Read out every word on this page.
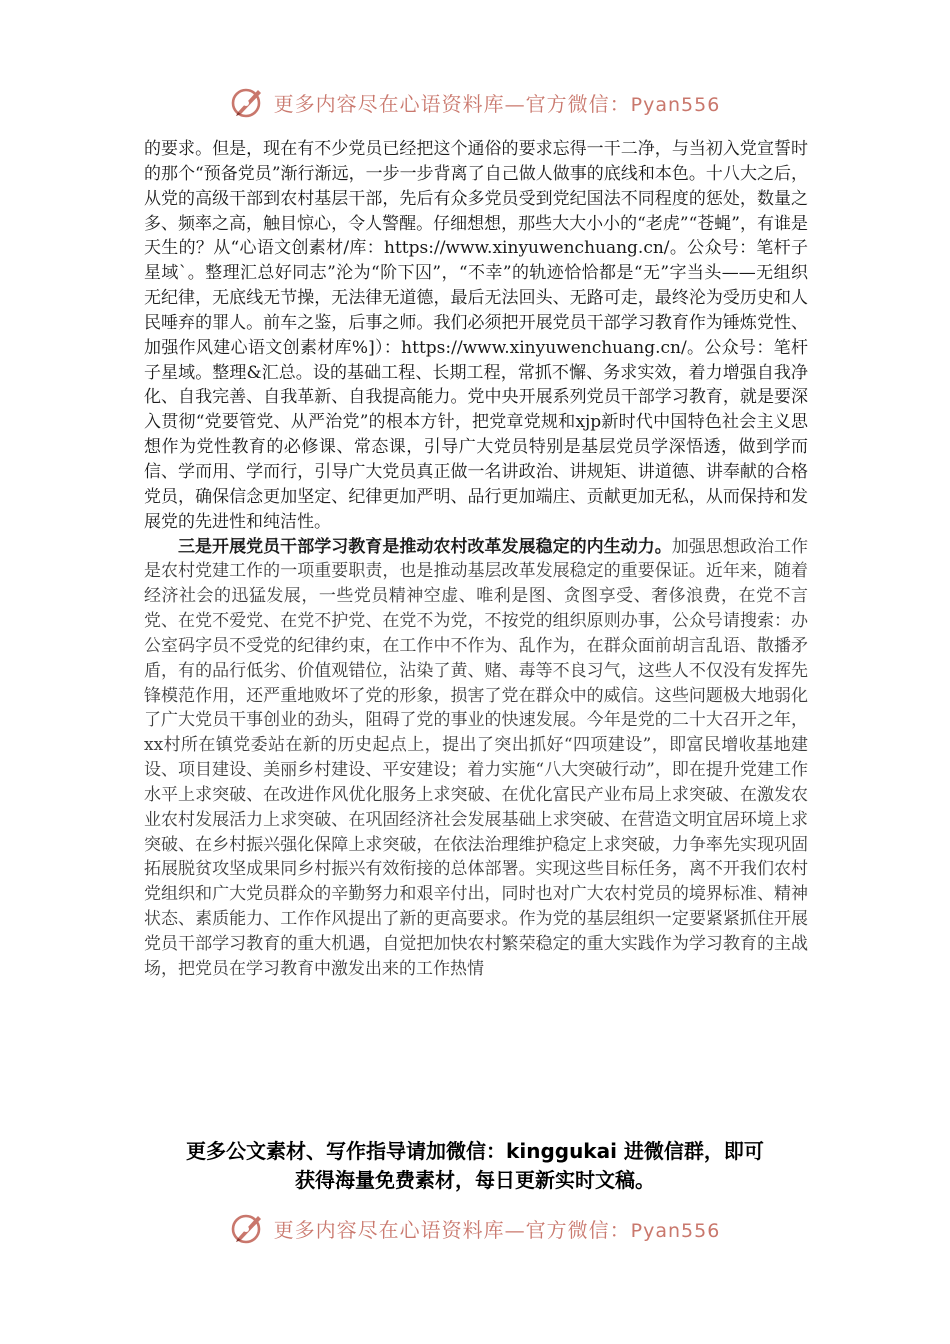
更多内容尽在心语资料库—官方微信：Pyan556

的要求。但是，现在有不少党员已经把这个通俗的要求忘得一干二净，与当初入党宣誓时的那个“预备党员”渐行渐远，一步一步背离了自己做人做事的底线和本色。十八大之后，从党的高级干部到农村基层干部，先后有众多党员受到党纪国法不同程度的惩处，数量之多、频率之高，触目惊心，令人警醒。仔细想想，那些大大小小的“老虎”“苍蝇”，有谁是天生的？从“心语文创素材/库：https://www.xinyuwenchuang.cn/。公众号：笔杆子星域`。整理汇总好同志”沦为“阶下囚”，“不幸”的轨迹恰恰都是“无”字当头——无组织无纪律，无底线无节操，无法律无道德，最后无法回头、无路可走，最终沦为受历史和人民唾弃的罪人。前车之鉴，后事之师。我们必须把开展党员干部学习教育作为锤炼党性、加强作风建心语文创素材库%]）：https://www.xinyuwenchuang.cn/。公众号：笔杆子星域。整理&汇总。设的基础工程、长期工程，常抓不懈、务求实效，着力增强自我净化、自我完善、自我革新、自我提高能力。党中央开展系列党员干部学习教育，就是要深入贯彻“党要管党、从严治党”的根本方针，把党章党规和xjp新时代中国特色社会主义思想作为党性教育的必修课、常态课，引导广大党员特别是基层党员学深悟透，做到学而信、学而用、学而行，引导广大党员真正做一名讲政治、讲规矩、讲道德、讲奉献的合格党员，确保信念更加坚定、纪律更加严明、品行更加端庄、贡献更加无私，从而保持和发展党的先进性和纯洁性。

三是开展党员干部学习教育是推动农村改革发展稳定的内生动力。加强思想政治工作是农村党建工作的一项重要职责，也是推动基层改革发展稳定的重要保证。近年来，随着经济社会的迅猛发展，一些党员精神空虚、唯利是图、贪图享受、奢侈浪费，在党不言党、在党不爱党、在党不护党、在党不为党，不按党的组织原则办事，公众号请搜索：办公室码字员不受党的纪律约束，在工作中不作为、乱作为，在群众面前胡言乱语、散播矛盾，有的品行低劣、价值观错位，沾染了黄、赌、毒等不良习气，这些人不仅没有发挥先锋模范作用，还严重地败坏了党的形象，损害了党在群众中的威信。这些问题极大地弱化了广大党员干事创业的劲头，阻碍了党的事业的快速发展。今年是党的二十大召开之年，xx村所在镇党委站在新的历史起点上，提出了突出抓好“四项建设”，即富民增收基地建设、项目建设、美丽乡村建设、平安建设；着力实施“八大突破行动”，即在提升党建工作水平上求突破、在改进作风优化服务上求突破、在优化富民产业布局上求突破、在激发农业农村发展活力上求突破、在巩固经济社会发展基础上求突破、在营造文明宜居环境上求突破、在乡村振兴强化保障上求突破，在依法治理维护稳定上求突破，力争率先实现巩固拓展脱贫攻坚成果同乡村振兴有效衔接的总体部署。实现这些目标任务，离不开我们农村党组织和广大党员群众的辛勤努力和艰辛付出，同时也对广大农村党员的境界标准、精神状态、素质能力、工作作风提出了新的更高要求。作为党的基层组织一定要紧紧抓住开展党员干部学习教育的重大机遇，自觉把加快农村繁荣稳定的重大实践作为学习教育的主战场，把党员在学习教育中激发出来的工作热情

更多公文素材、写作指导请加微信：kinggukai 进微信群，即可
获得海量免费素材，每日更新实时文稿。
更多内容尽在心语资料库—官方微信：Pyan556
